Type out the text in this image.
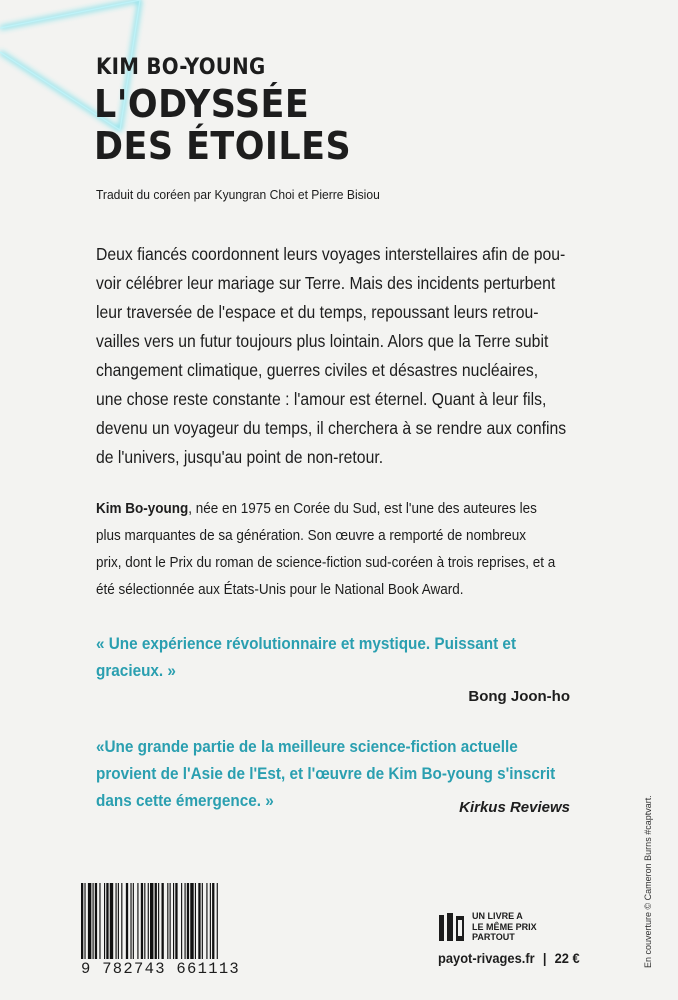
KIM BO-YOUNG
L'ODYSSÉE
DES ÉTOILES
Traduit du coréen par Kyungran Choi et Pierre Bisiou

Deux fiancés coordonnent leurs voyages interstellaires afin de pou-
voir célébrer leur mariage sur Terre. Mais des incidents perturbent
leur traversée de l'espace et du temps, repoussant leurs retrou-
vailles vers un futur toujours plus lointain. Alors que la Terre subit
changement climatique, guerres civiles et désastres nucléaires,
une chose reste constante : l'amour est éternel. Quant à leur fils,
devenu un voyageur du temps, il cherchera à se rendre aux confins
de l'univers, jusqu'au point de non-retour.

Kim Bo-young, née en 1975 en Corée du Sud, est l'une des auteures les
plus marquantes de sa génération. Son œuvre a remporté de nombreux
prix, dont le Prix du roman de science-fiction sud-coréen à trois reprises, et a
été sélectionnée aux États-Unis pour le National Book Award.

« Une expérience révolutionnaire et mystique. Puissant et
gracieux. »
Bong Joon-ho
«Une grande partie de la meilleure science-fiction actuelle
provient de l'Asie de l'Est, et l'œuvre de Kim Bo-young s'inscrit
dans cette émergence. »	Kirkus Reviews
9 782743 661113
UN LIVRE A
LE MÊME PRIX
PARTOUT
payot-rivages.fr | 22 €	En couverture © Cameron Burns #captvart.
